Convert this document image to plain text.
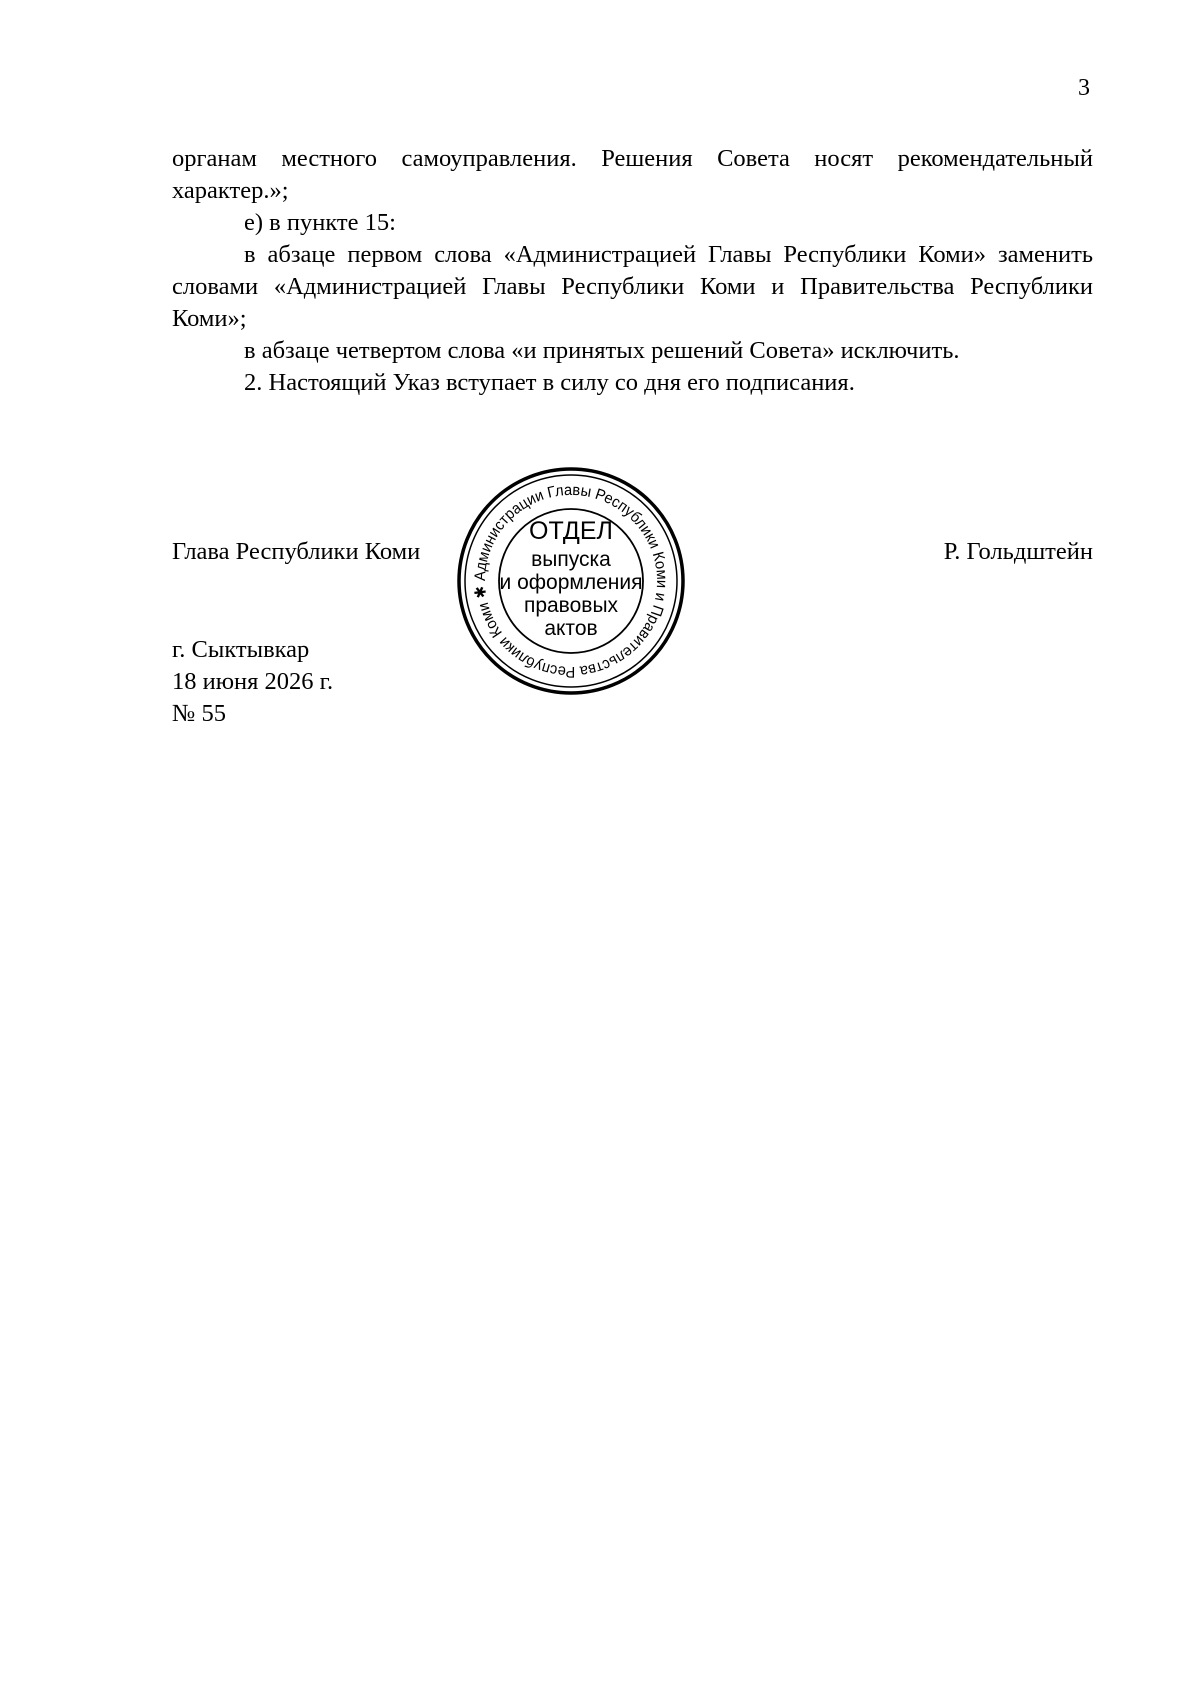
3

органам местного самоуправления. Решения Совета носят рекомендательный характер.»;

е) в пункте 15:

в абзаце первом слова «Администрацией Главы Республики Коми» заменить словами «Администрацией Главы Республики Коми и Правительства Республики Коми»;

в абзаце четвертом слова «и принятых решений Совета» исключить.

2. Настоящий Указ вступает в силу со дня его подписания.

Глава Республики Коми	Р. Гольдштейн
Администрации Главы Республики Коми и Правительства Республики Коми ✱
ОТДЕЛ
выпуска
и оформления
правовых
актов
г. Сыктывкар
18 июня 2026 г.
№ 55
